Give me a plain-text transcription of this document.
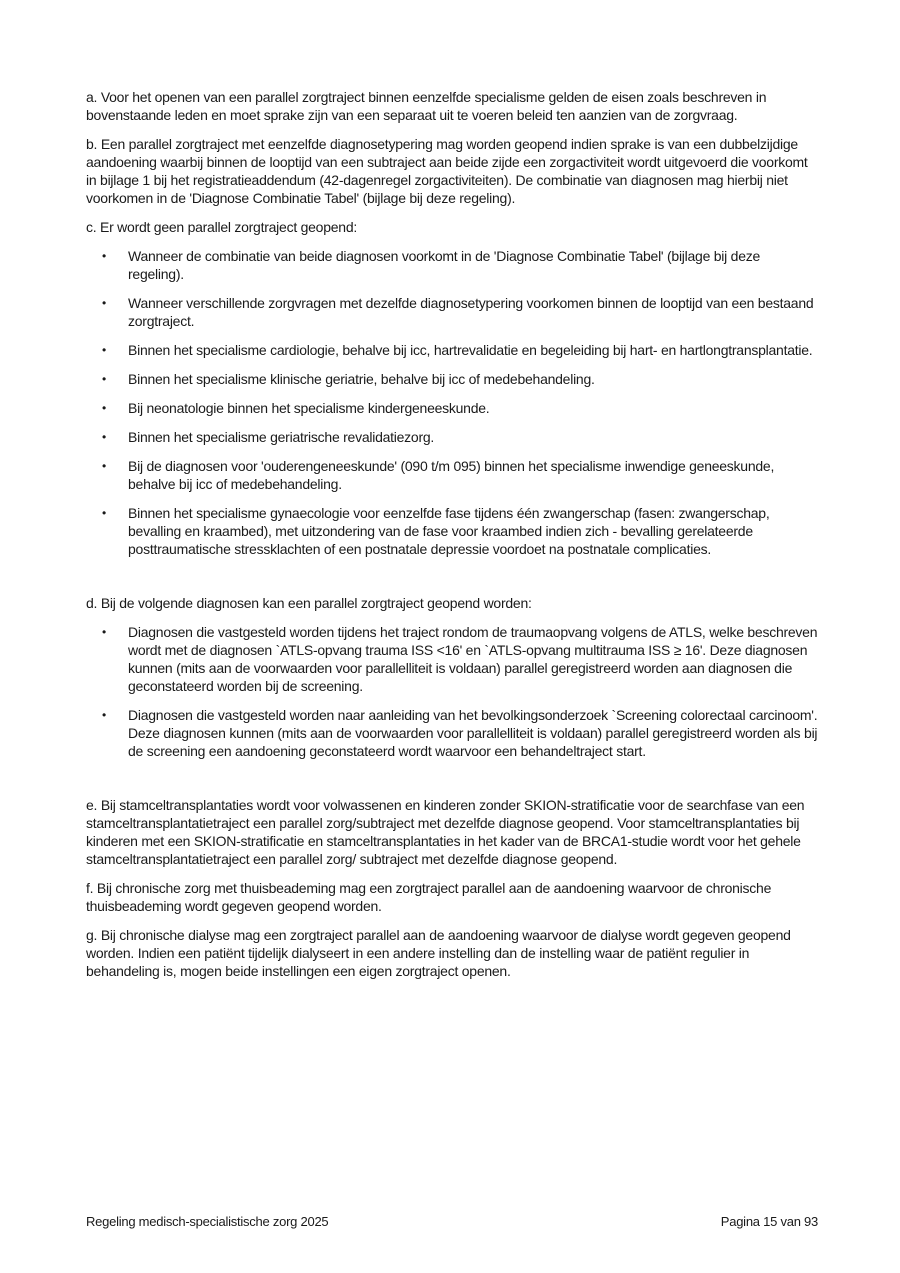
a. Voor het openen van een parallel zorgtraject binnen eenzelfde specialisme gelden de eisen zoals beschreven in bovenstaande leden en moet sprake zijn van een separaat uit te voeren beleid ten aanzien van de zorgvraag.

b. Een parallel zorgtraject met eenzelfde diagnosetypering mag worden geopend indien sprake is van een dubbelzijdige aandoening waarbij binnen de looptijd van een subtraject aan beide zijde een zorgactiviteit wordt uitgevoerd die voorkomt in bijlage 1 bij het registratieaddendum (42-dagenregel zorgactiviteiten). De combinatie van diagnosen mag hierbij niet voorkomen in de 'Diagnose Combinatie Tabel' (bijlage bij deze regeling).

c. Er wordt geen parallel zorgtraject geopend:

• Wanneer de combinatie van beide diagnosen voorkomt in de 'Diagnose Combinatie Tabel' (bijlage bij deze regeling).
• Wanneer verschillende zorgvragen met dezelfde diagnosetypering voorkomen binnen de looptijd van een bestaand zorgtraject.
• Binnen het specialisme cardiologie, behalve bij icc, hartrevalidatie en begeleiding bij hart- en hartlongtransplantatie.
• Binnen het specialisme klinische geriatrie, behalve bij icc of medebehandeling.
• Bij neonatologie binnen het specialisme kindergeneeskunde.
• Binnen het specialisme geriatrische revalidatiezorg.
• Bij de diagnosen voor 'ouderengeneeskunde' (090 t/m 095) binnen het specialisme inwendige geneeskunde, behalve bij icc of medebehandeling.
• Binnen het specialisme gynaecologie voor eenzelfde fase tijdens één zwangerschap (fasen: zwangerschap, bevalling en kraambed), met uitzondering van de fase voor kraambed indien zich - bevalling gerelateerde posttraumatische stressklachten of een postnatale depressie voordoet na postnatale complicaties.

d. Bij de volgende diagnosen kan een parallel zorgtraject geopend worden:

• Diagnosen die vastgesteld worden tijdens het traject rondom de traumaopvang volgens de ATLS, welke beschreven wordt met de diagnosen `ATLS-opvang trauma ISS <16' en `ATLS-opvang multitrauma ISS ≥ 16'. Deze diagnosen kunnen (mits aan de voorwaarden voor parallelliteit is voldaan) parallel geregistreerd worden aan diagnosen die geconstateerd worden bij de screening.
• Diagnosen die vastgesteld worden naar aanleiding van het bevolkingsonderzoek `Screening colorectaal carcinoom'. Deze diagnosen kunnen (mits aan de voorwaarden voor parallelliteit is voldaan) parallel geregistreerd worden als bij de screening een aandoening geconstateerd wordt waarvoor een behandeltraject start.

e. Bij stamceltransplantaties wordt voor volwassenen en kinderen zonder SKION-stratificatie voor de searchfase van een stamceltransplantatietraject een parallel zorg/subtraject met dezelfde diagnose geopend. Voor stamceltransplantaties bij kinderen met een SKION-stratificatie en stamceltransplantaties in het kader van de BRCA1-studie wordt voor het gehele stamceltransplantatietraject een parallel zorg/ subtraject met dezelfde diagnose geopend.

f. Bij chronische zorg met thuisbeademing mag een zorgtraject parallel aan de aandoening waarvoor de chronische thuisbeademing wordt gegeven geopend worden.

g. Bij chronische dialyse mag een zorgtraject parallel aan de aandoening waarvoor de dialyse wordt gegeven geopend worden. Indien een patiënt tijdelijk dialyseert in een andere instelling dan de instelling waar de patiënt regulier in behandeling is, mogen beide instellingen een eigen zorgtraject openen.

Regeling medisch-specialistische zorg 2025	Pagina 15 van 93
